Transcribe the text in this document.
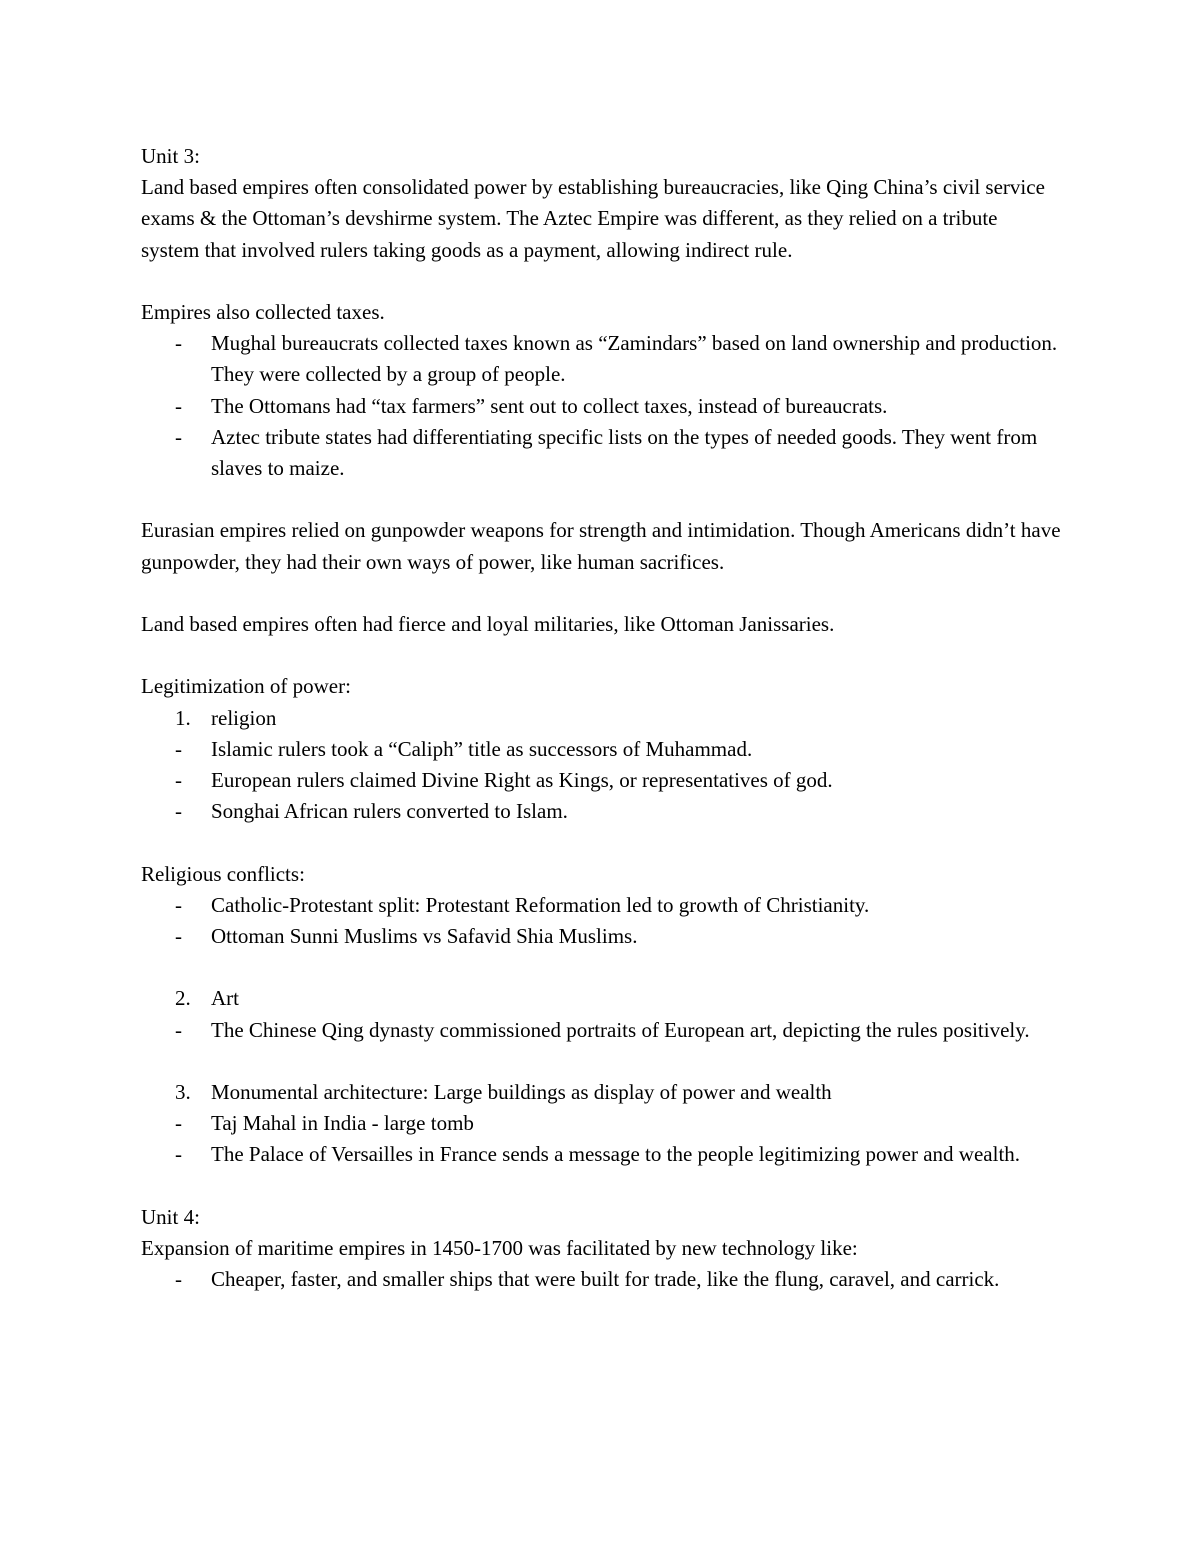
Unit 3:

Land based empires often consolidated power by establishing bureaucracies, like Qing China’s civil service exams & the Ottoman’s devshirme system. The Aztec Empire was different, as they relied on a tribute system that involved rulers taking goods as a payment, allowing indirect rule.

Empires also collected taxes.

- Mughal bureaucrats collected taxes known as “Zamindars” based on land ownership and production. They were collected by a group of people.
- The Ottomans had “tax farmers” sent out to collect taxes, instead of bureaucrats.
- Aztec tribute states had differentiating specific lists on the types of needed goods. They went from slaves to maize.

Eurasian empires relied on gunpowder weapons for strength and intimidation. Though Americans didn’t have gunpowder, they had their own ways of power, like human sacrifices.

Land based empires often had fierce and loyal militaries, like Ottoman Janissaries.

Legitimization of power:

1. religion
- Islamic rulers took a “Caliph” title as successors of Muhammad.
- European rulers claimed Divine Right as Kings, or representatives of god.
- Songhai African rulers converted to Islam.

Religious conflicts:

- Catholic-Protestant split: Protestant Reformation led to growth of Christianity.
- Ottoman Sunni Muslims vs Safavid Shia Muslims.
2. Art
- The Chinese Qing dynasty commissioned portraits of European art, depicting the rules positively.
3. Monumental architecture: Large buildings as display of power and wealth
- Taj Mahal in India - large tomb
- The Palace of Versailles in France sends a message to the people legitimizing power and wealth.

Unit 4:

Expansion of maritime empires in 1450-1700 was facilitated by new technology like:

- Cheaper, faster, and smaller ships that were built for trade, like the flung, caravel, and carrick.
